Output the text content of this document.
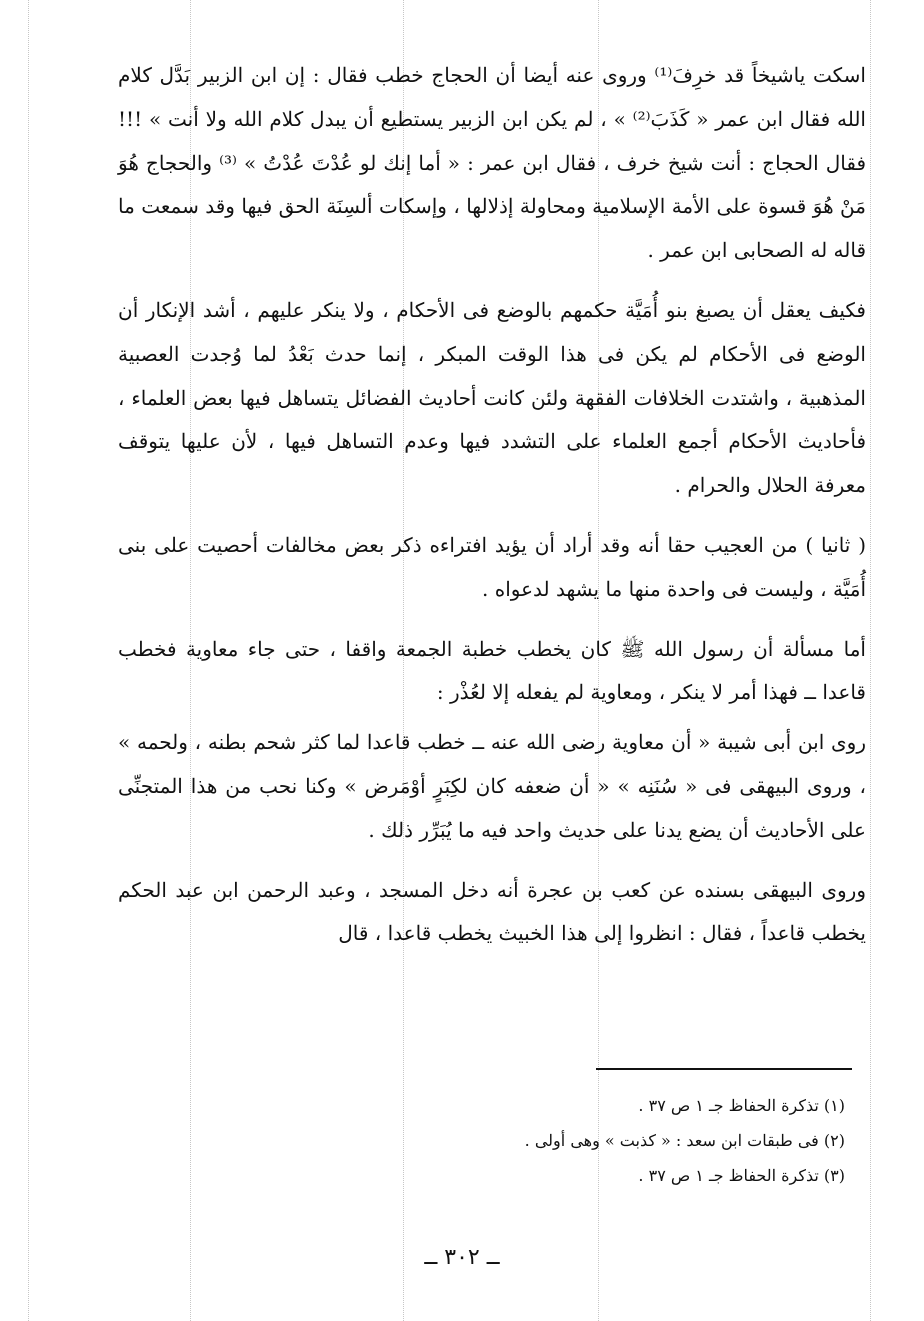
اسكت ياشيخاً قد خرِفَ⁽¹⁾ وروى عنه أيضا أن الحجاج خطب فقال : إن ابن الزبير بَدَّل كلام الله فقال ابن عمر « كَذَبَ⁽²⁾ » ، لم يكن ابن الزبير يستطيع أن يبدل كلام الله ولا أنت » !!! فقال الحجاج : أنت شيخ خرف ، فقال ابن عمر : « أما إنك لو عُدْتَ عُدْتُ » ⁽³⁾ والحجاج هُوَ مَنْ هُوَ قسوة على الأمة الإسلامية ومحاولة إذلالها ، وإسكات ألسِنَة الحق فيها وقد سمعت ما قاله له الصحابى ابن عمر .

فكيف يعقل أن يصبغ بنو أُمَيَّة حكمهم بالوضع فى الأحكام ، ولا ينكر عليهم ، أشد الإنكار أن الوضع فى الأحكام لم يكن فى هذا الوقت المبكر ، إنما حدث بَعْدُ لما وُجدت العصبية المذهبية ، واشتدت الخلافات الفقهة ولئن كانت أحاديث الفضائل يتساهل فيها بعض العلماء ، فأحاديث الأحكام أجمع العلماء على التشدد فيها وعدم التساهل فيها ، لأن عليها يتوقف معرفة الحلال والحرام .

( ثانيا ) من العجيب حقا أنه وقد أراد أن يؤيد افتراءه ذكر بعض مخالفات أحصيت على بنى أُمَيَّة ، وليست فى واحدة منها ما يشهد لدعواه .

أما مسألة أن رسول الله ﷺ كان يخطب خطبة الجمعة واقفا ، حتى جاء معاوية فخطب قاعدا ــ فهذا أمر لا ينكر ، ومعاوية لم يفعله إلا لعُذْر :

روى ابن أبى شيبة « أن معاوية رضى الله عنه ــ خطب قاعدا لما كثر شحم بطنه ، ولحمه » ، وروى البيهقى فى « سُنَنِه » « أن ضعفه كان لكِبَرٍ أوْمَرض » وكنا نحب من هذا المتجنِّى على الأحاديث أن يضع يدنا على حديث واحد فيه ما يُبَرِّر ذلك .

وروى البيهقى بسنده عن كعب بن عجرة أنه دخل المسجد ، وعبد الرحمن ابن عبد الحكم يخطب قاعداً ، فقال : انظروا إلى هذا الخبيث يخطب قاعدا ، قال

(١) تذكرة الحفاظ جـ ١ ص ٣٧ .

(٢) فى طبقات ابن سعد : « كذبت » وهى أولى .

(٣) تذكرة الحفاظ جـ ١ ص ٣٧ .

ــ ٣٠٢ ــ
